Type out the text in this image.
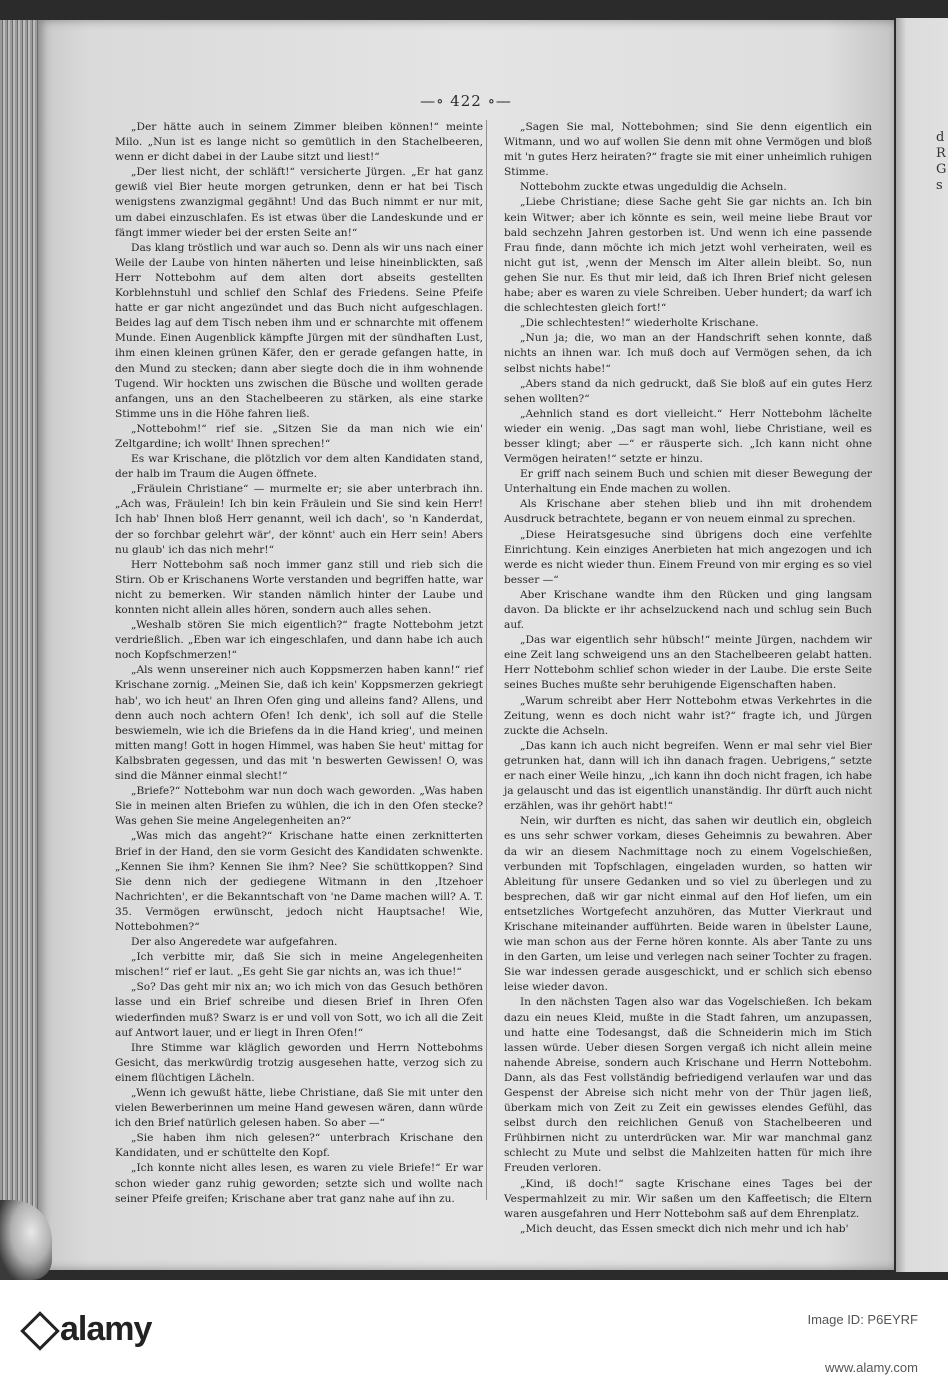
—∘ 422 ∘—

„Der hätte auch in seinem Zimmer bleiben können!“ meinte Milo. „Nun ist es lange nicht so gemütlich in den Stachelbeeren, wenn er dicht dabei in der Laube sitzt und liest!“

„Der liest nicht, der schläft!“ versicherte Jürgen. „Er hat ganz gewiß viel Bier heute morgen getrunken, denn er hat bei Tisch wenigstens zwanzigmal gegähnt! Und das Buch nimmt er nur mit, um dabei einzuschlafen. Es ist etwas über die Landeskunde und er fängt immer wieder bei der ersten Seite an!“

Das klang tröstlich und war auch so. Denn als wir uns nach einer Weile der Laube von hinten näherten und leise hineinblickten, saß Herr Nottebohm auf dem alten dort abseits gestellten Korblehnstuhl und schlief den Schlaf des Friedens. Seine Pfeife hatte er gar nicht angezündet und das Buch nicht aufgeschlagen. Beides lag auf dem Tisch neben ihm und er schnarchte mit offenem Munde. Einen Augenblick kämpfte Jürgen mit der sündhaften Lust, ihm einen kleinen grünen Käfer, den er gerade gefangen hatte, in den Mund zu stecken; dann aber siegte doch die in ihm wohnende Tugend. Wir hockten uns zwischen die Büsche und wollten gerade anfangen, uns an den Stachelbeeren zu stärken, als eine starke Stimme uns in die Höhe fahren ließ.

„Nottebohm!“ rief sie. „Sitzen Sie da man nich wie ein' Zeltgardine; ich wollt' Ihnen sprechen!“

Es war Krischane, die plötzlich vor dem alten Kandidaten stand, der halb im Traum die Augen öffnete.

„Fräulein Christiane“ — murmelte er; sie aber unterbrach ihn. „Ach was, Fräulein! Ich bin kein Fräulein und Sie sind kein Herr! Ich hab' Ihnen bloß Herr genannt, weil ich dach', so 'n Kanderdat, der so forchbar gelehrt wär', der könnt' auch ein Herr sein! Abers nu glaub' ich das nich mehr!“

Herr Nottebohm saß noch immer ganz still und rieb sich die Stirn. Ob er Krischanens Worte verstanden und begriffen hatte, war nicht zu bemerken. Wir standen nämlich hinter der Laube und konnten nicht allein alles hören, sondern auch alles sehen.

„Weshalb stören Sie mich eigentlich?“ fragte Nottebohm jetzt verdrießlich. „Eben war ich eingeschlafen, und dann habe ich auch noch Kopfschmerzen!“

„Als wenn unsereiner nich auch Koppsmerzen haben kann!“ rief Krischane zornig. „Meinen Sie, daß ich kein' Koppsmerzen gekriegt hab', wo ich heut' an Ihren Ofen ging und alleins fand? Allens, und denn auch noch achtern Ofen! Ich denk', ich soll auf die Stelle beswiemeln, wie ich die Briefens da in die Hand krieg', und meinen mitten mang! Gott in hogen Himmel, was haben Sie heut' mittag for Kalbsbraten gegessen, und das mit 'n beswerten Gewissen! O, was sind die Männer einmal slecht!“

„Briefe?“ Nottebohm war nun doch wach geworden. „Was haben Sie in meinen alten Briefen zu wühlen, die ich in den Ofen stecke? Was gehen Sie meine Angelegenheiten an?“

„Was mich das angeht?“ Krischane hatte einen zerknitterten Brief in der Hand, den sie vorm Gesicht des Kandidaten schwenkte. „Kennen Sie ihm? Kennen Sie ihm? Nee? Sie schüttkoppen? Sind Sie denn nich der gediegene Witmann in den ‚Itzehoer Nachrichten', er die Bekanntschaft von 'ne Dame machen will? A. T. 35. Vermögen erwünscht, jedoch nicht Hauptsache! Wie, Nottebohmen?“

Der also Angeredete war aufgefahren.

„Ich verbitte mir, daß Sie sich in meine Angelegenheiten mischen!“ rief er laut. „Es geht Sie gar nichts an, was ich thue!“

„So? Das geht mir nix an; wo ich mich von das Gesuch bethören lasse und ein Brief schreibe und diesen Brief in Ihren Ofen wiederfinden muß? Swarz is er und voll von Sott, wo ich all die Zeit auf Antwort lauer, und er liegt in Ihren Ofen!“

Ihre Stimme war kläglich geworden und Herrn Nottebohms Gesicht, das merkwürdig trotzig ausgesehen hatte, verzog sich zu einem flüchtigen Lächeln.

„Wenn ich gewußt hätte, liebe Christiane, daß Sie mit unter den vielen Bewerberinnen um meine Hand gewesen wären, dann würde ich den Brief natürlich gelesen haben. So aber —“

„Sie haben ihm nich gelesen?“ unterbrach Krischane den Kandidaten, und er schüttelte den Kopf.

„Ich konnte nicht alles lesen, es waren zu viele Briefe!“ Er war schon wieder ganz ruhig geworden; setzte sich und wollte nach seiner Pfeife greifen; Krischane aber trat ganz nahe auf ihn zu.

„Sagen Sie mal, Nottebohmen; sind Sie denn eigentlich ein Witmann, und wo auf wollen Sie denn mit ohne Vermögen und bloß mit 'n gutes Herz heiraten?“ fragte sie mit einer unheimlich ruhigen Stimme.

Nottebohm zuckte etwas ungeduldig die Achseln.

„Liebe Christiane; diese Sache geht Sie gar nichts an. Ich bin kein Witwer; aber ich könnte es sein, weil meine liebe Braut vor bald sechzehn Jahren gestorben ist. Und wenn ich eine passende Frau finde, dann möchte ich mich jetzt wohl verheiraten, weil es nicht gut ist, ‚wenn der Mensch im Alter allein bleibt. So, nun gehen Sie nur. Es thut mir leid, daß ich Ihren Brief nicht gelesen habe; aber es waren zu viele Schreiben. Ueber hundert; da warf ich die schlechtesten gleich fort!“

„Die schlechtesten!“ wiederholte Krischane.

„Nun ja; die, wo man an der Handschrift sehen konnte, daß nichts an ihnen war. Ich muß doch auf Vermögen sehen, da ich selbst nichts habe!“

„Abers stand da nich gedruckt, daß Sie bloß auf ein gutes Herz sehen wollten?“

„Aehnlich stand es dort vielleicht.“ Herr Nottebohm lächelte wieder ein wenig. „Das sagt man wohl, liebe Christiane, weil es besser klingt; aber —“ er räusperte sich. „Ich kann nicht ohne Vermögen heiraten!“ setzte er hinzu.

Er griff nach seinem Buch und schien mit dieser Bewegung der Unterhaltung ein Ende machen zu wollen.

Als Krischane aber stehen blieb und ihn mit drohendem Ausdruck betrachtete, begann er von neuem einmal zu sprechen.

„Diese Heiratsgesuche sind übrigens doch eine verfehlte Einrichtung. Kein einziges Anerbieten hat mich angezogen und ich werde es nicht wieder thun. Einem Freund von mir erging es so viel besser —“

Aber Krischane wandte ihm den Rücken und ging langsam davon. Da blickte er ihr achselzuckend nach und schlug sein Buch auf.

„Das war eigentlich sehr hübsch!“ meinte Jürgen, nachdem wir eine Zeit lang schweigend uns an den Stachelbeeren gelabt hatten. Herr Nottebohm schlief schon wieder in der Laube. Die erste Seite seines Buches mußte sehr beruhigende Eigenschaften haben.

„Warum schreibt aber Herr Nottebohm etwas Verkehrtes in die Zeitung, wenn es doch nicht wahr ist?“ fragte ich, und Jürgen zuckte die Achseln.

„Das kann ich auch nicht begreifen. Wenn er mal sehr viel Bier getrunken hat, dann will ich ihn danach fragen. Uebrigens,“ setzte er nach einer Weile hinzu, „ich kann ihn doch nicht fragen, ich habe ja gelauscht und das ist eigentlich unanständig. Ihr dürft auch nicht erzählen, was ihr gehört habt!“

Nein, wir durften es nicht, das sahen wir deutlich ein, obgleich es uns sehr schwer vorkam, dieses Geheimnis zu bewahren. Aber da wir an diesem Nachmittage noch zu einem Vogelschießen, verbunden mit Topfschlagen, eingeladen wurden, so hatten wir Ableitung für unsere Gedanken und so viel zu überlegen und zu besprechen, daß wir gar nicht einmal auf den Hof liefen, um ein entsetzliches Wortgefecht anzuhören, das Mutter Vierkraut und Krischane miteinander aufführten. Beide waren in übelster Laune, wie man schon aus der Ferne hören konnte. Als aber Tante zu uns in den Garten, um leise und verlegen nach seiner Tochter zu fragen. Sie war indessen gerade ausgeschickt, und er schlich sich ebenso leise wieder davon.

In den nächsten Tagen also war das Vogelschießen. Ich bekam dazu ein neues Kleid, mußte in die Stadt fahren, um anzupassen, und hatte eine Todesangst, daß die Schneiderin mich im Stich lassen würde. Ueber diesen Sorgen vergaß ich nicht allein meine nahende Abreise, sondern auch Krischane und Herrn Nottebohm. Dann, als das Fest vollständig befriedigend verlaufen war und das Gespenst der Abreise sich nicht mehr von der Thür jagen ließ, überkam mich von Zeit zu Zeit ein gewisses elendes Gefühl, das selbst durch den reichlichen Genuß von Stachelbeeren und Frühbirnen nicht zu unterdrücken war. Mir war manchmal ganz schlecht zu Mute und selbst die Mahlzeiten hatten für mich ihre Freuden verloren.

„Kind, iß doch!“ sagte Krischane eines Tages bei der Vespermahlzeit zu mir. Wir saßen um den Kaffeetisch; die Eltern waren ausgefahren und Herr Nottebohm saß auf dem Ehrenplatz.

„Mich deucht, das Essen smeckt dich nich mehr und ich hab'

d
R
G
s
alamy	Image ID: P6EYRF
www.alamy.com
